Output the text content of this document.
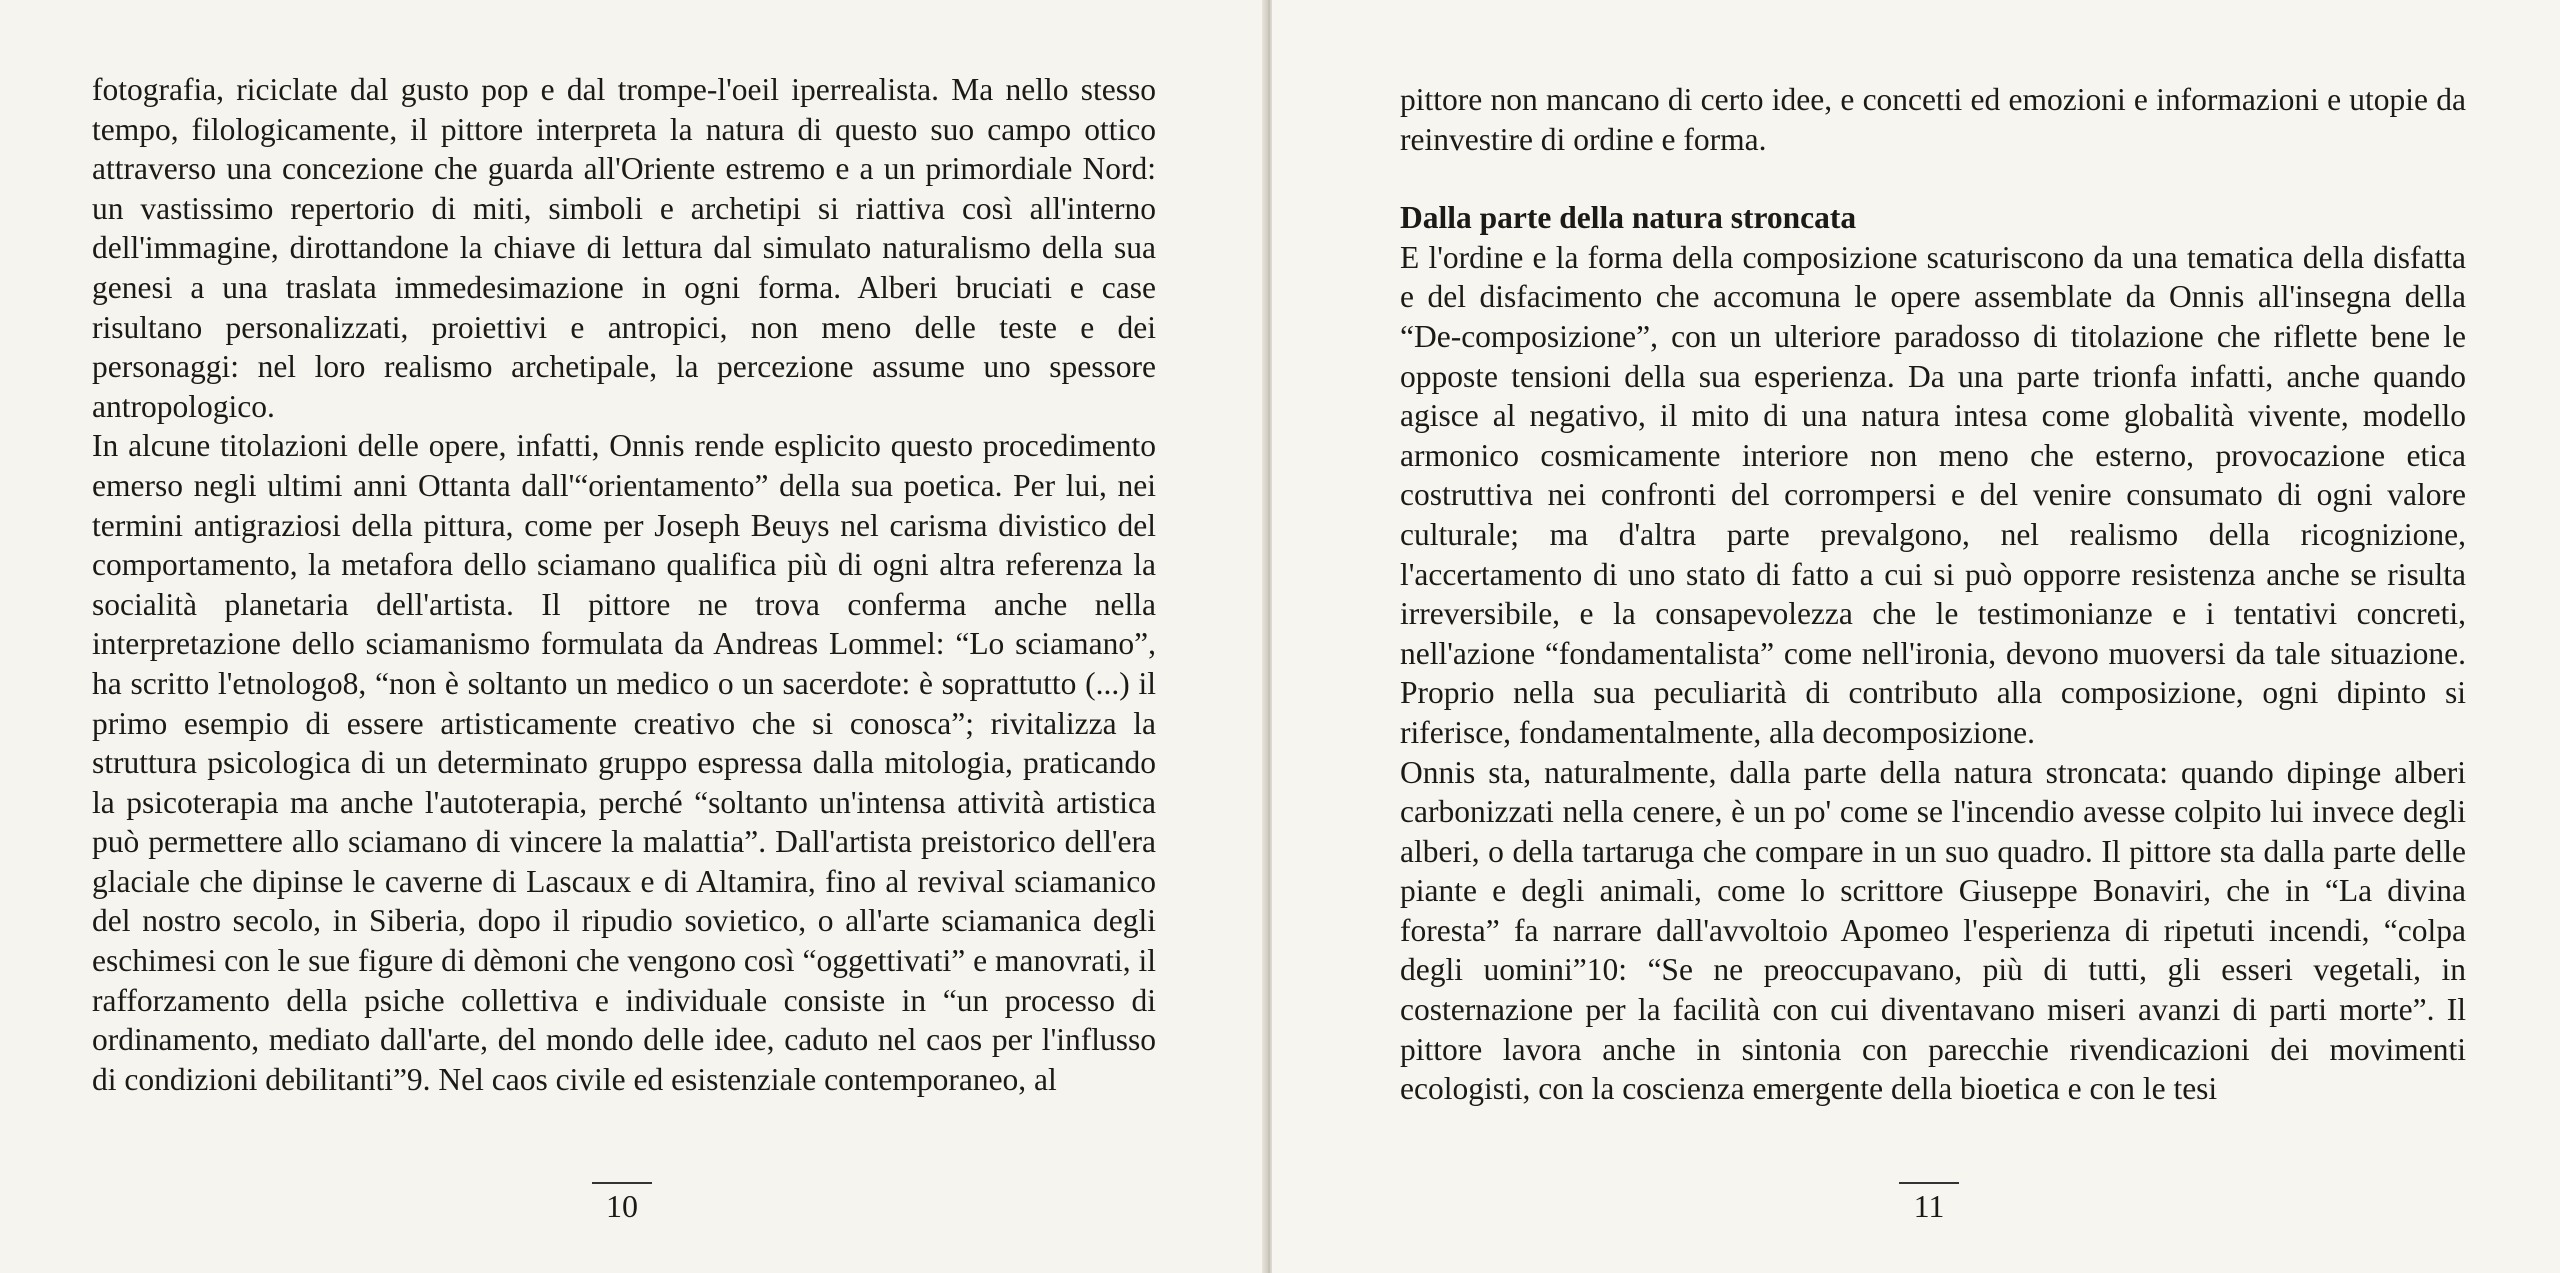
fotografia, riciclate dal gusto pop e dal trompe-l'oeil iperrealista. Ma nello stesso tempo, filologicamente, il pittore interpreta la natura di questo suo campo ottico attraverso una concezione che guarda all'Oriente estremo e a un primordiale Nord: un vastissimo repertorio di miti, simboli e archetipi si riattiva così all'interno dell'immagine, dirottandone la chiave di lettura dal simulato naturalismo della sua genesi a una traslata immedesimazione in ogni forma. Alberi bruciati e case risultano personalizzati, proiettivi e antropici, non meno delle teste e dei personaggi: nel loro realismo archetipale, la percezione assume uno spessore antropologico.

In alcune titolazioni delle opere, infatti, Onnis rende esplicito questo procedimento emerso negli ultimi anni Ottanta dall'“orientamento” della sua poetica. Per lui, nei termini antigraziosi della pittura, come per Joseph Beuys nel carisma divistico del comportamento, la metafora dello sciamano qualifica più di ogni altra referenza la socialità planetaria dell'artista. Il pittore ne trova conferma anche nella interpretazione dello sciamanismo formulata da Andreas Lommel: “Lo sciamano”, ha scritto l'etnologo8, “non è soltanto un medico o un sacerdote: è soprattutto (...) il primo esempio di essere artisticamente creativo che si conosca”; rivitalizza la struttura psicologica di un determinato gruppo espressa dalla mitologia, praticando la psicoterapia ma anche l'autoterapia, perché “soltanto un'intensa attività artistica può permettere allo sciamano di vincere la malattia”. Dall'artista preistorico dell'era glaciale che dipinse le caverne di Lascaux e di Altamira, fino al revival sciamanico del nostro secolo, in Siberia, dopo il ripudio sovietico, o all'arte sciamanica degli eschimesi con le sue figure di dèmoni che vengono così “oggettivati” e manovrati, il rafforzamento della psiche collettiva e individuale consiste in “un processo di ordinamento, mediato dall'arte, del mondo delle idee, caduto nel caos per l'influsso di condizioni debilitanti”9. Nel caos civile ed esistenziale contemporaneo, al

10

pittore non mancano di certo idee, e concetti ed emozioni e informazioni e utopie da reinvestire di ordine e forma.

Dalla parte della natura stroncata

E l'ordine e la forma della composizione scaturiscono da una tematica della disfatta e del disfacimento che accomuna le opere assemblate da Onnis all'insegna della “De-composizione”, con un ulteriore paradosso di titolazione che riflette bene le opposte tensioni della sua esperienza. Da una parte trionfa infatti, anche quando agisce al negativo, il mito di una natura intesa come globalità vivente, modello armonico cosmicamente interiore non meno che esterno, provocazione etica costruttiva nei confronti del corrompersi e del venire consumato di ogni valore culturale; ma d'altra parte prevalgono, nel realismo della ricognizione, l'accertamento di uno stato di fatto a cui si può opporre resistenza anche se risulta irreversibile, e la consapevolezza che le testimonianze e i tentativi concreti, nell'azione “fondamentalista” come nell'ironia, devono muoversi da tale situazione. Proprio nella sua peculiarità di contributo alla composizione, ogni dipinto si riferisce, fondamentalmente, alla decomposizione.

Onnis sta, naturalmente, dalla parte della natura stroncata: quando dipinge alberi carbonizzati nella cenere, è un po' come se l'incendio avesse colpito lui invece degli alberi, o della tartaruga che compare in un suo quadro. Il pittore sta dalla parte delle piante e degli animali, come lo scrittore Giuseppe Bonaviri, che in “La divina foresta” fa narrare dall'avvoltoio Apomeo l'esperienza di ripetuti incendi, “colpa degli uomini”10: “Se ne preoccupavano, più di tutti, gli esseri vegetali, in costernazione per la facilità con cui diventavano miseri avanzi di parti morte”. Il pittore lavora anche in sintonia con parecchie rivendicazioni dei movimenti ecologisti, con la coscienza emergente della bioetica e con le tesi

11
